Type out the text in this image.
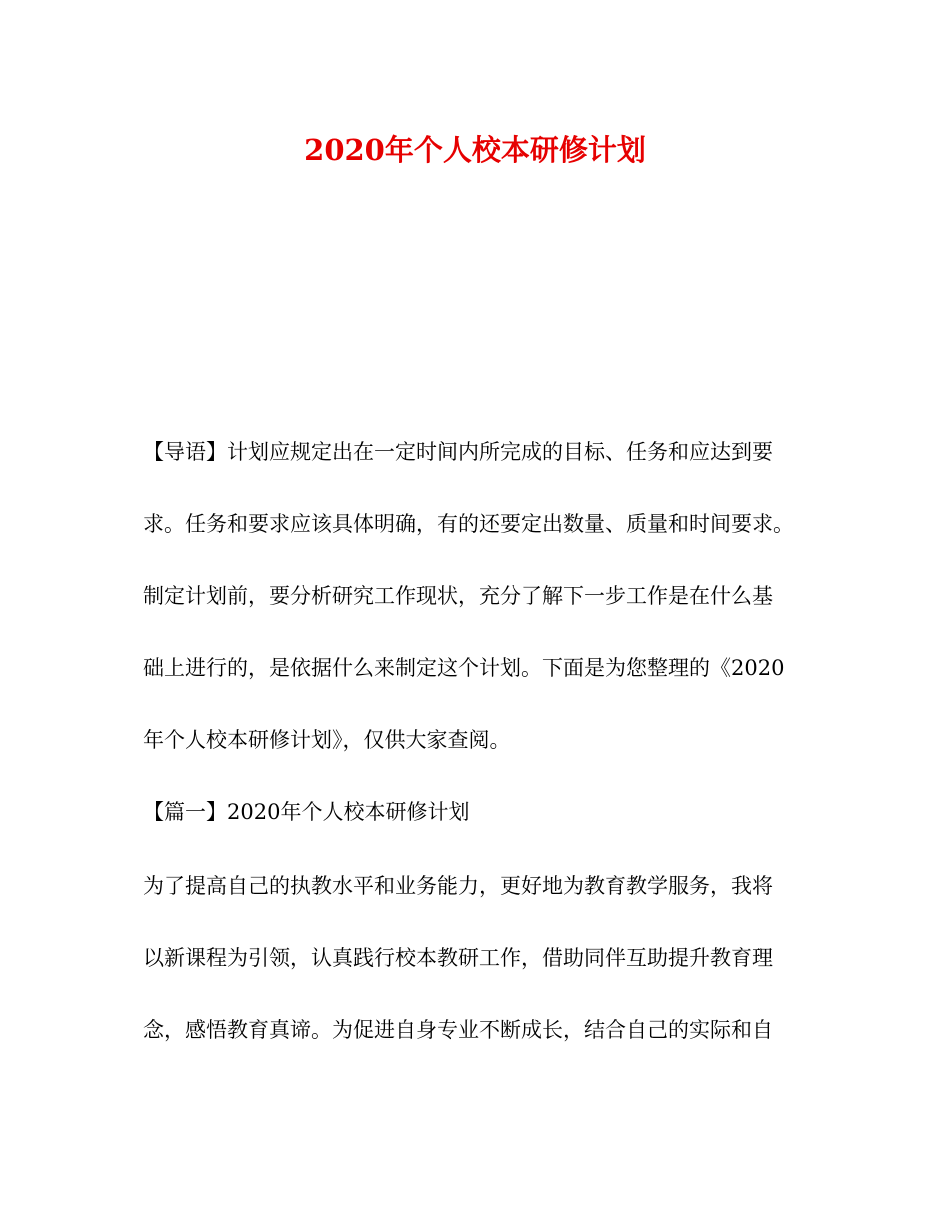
2020年个人校本研修计划
【导语】计划应规定出在一定时间内所完成的目标、任务和应达到要
求。任务和要求应该具体明确，有的还要定出数量、质量和时间要求。
制定计划前，要分析研究工作现状，充分了解下一步工作是在什么基
础上进行的，是依据什么来制定这个计划。下面是为您整理的《2020
年个人校本研修计划》，仅供大家查阅。
【篇一】2020年个人校本研修计划
为了提高自己的执教水平和业务能力，更好地为教育教学服务，我将
以新课程为引领，认真践行校本教研工作，借助同伴互助提升教育理
念，感悟教育真谛。为促进自身专业不断成长，结合自己的实际和自
